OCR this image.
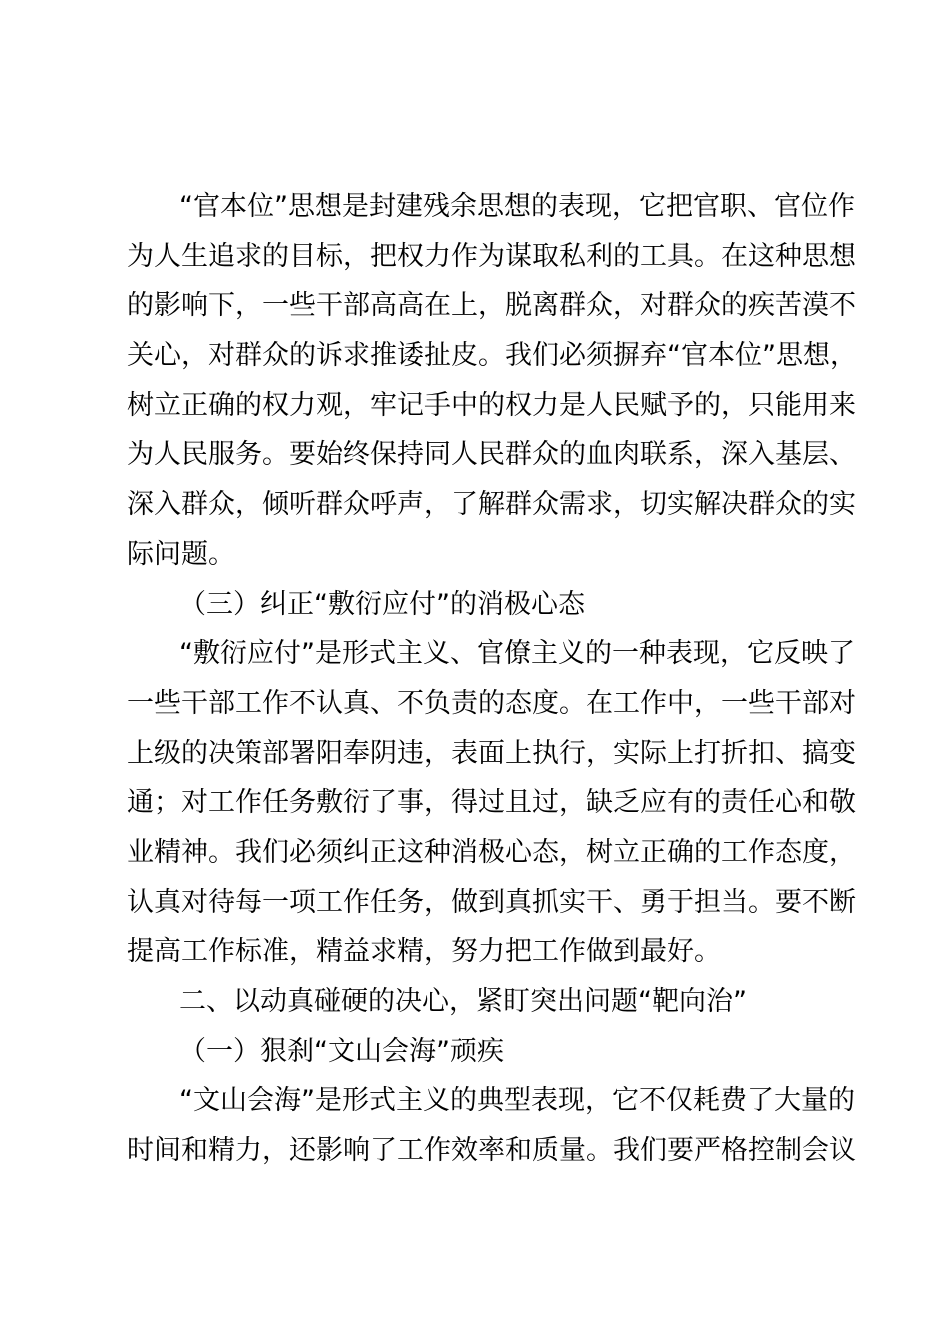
“官本位”思想是封建残余思想的表现，它把官职、官位作
为人生追求的目标，把权力作为谋取私利的工具。在这种思想
的影响下，一些干部高高在上，脱离群众，对群众的疾苦漠不
关心，对群众的诉求推诿扯皮。我们必须摒弃“官本位”思想，
树立正确的权力观，牢记手中的权力是人民赋予的，只能用来
为人民服务。要始终保持同人民群众的血肉联系，深入基层、
深入群众，倾听群众呼声，了解群众需求，切实解决群众的实
际问题。
（三）纠正“敷衍应付”的消极心态
“敷衍应付”是形式主义、官僚主义的一种表现，它反映了
一些干部工作不认真、不负责的态度。在工作中，一些干部对
上级的决策部署阳奉阴违，表面上执行，实际上打折扣、搞变
通；对工作任务敷衍了事，得过且过，缺乏应有的责任心和敬
业精神。我们必须纠正这种消极心态，树立正确的工作态度，
认真对待每一项工作任务，做到真抓实干、勇于担当。要不断
提高工作标准，精益求精，努力把工作做到最好。
二、以动真碰硬的决心，紧盯突出问题“靶向治”
（一）狠刹“文山会海”顽疾
“文山会海”是形式主义的典型表现，它不仅耗费了大量的
时间和精力，还影响了工作效率和质量。我们要严格控制会议
